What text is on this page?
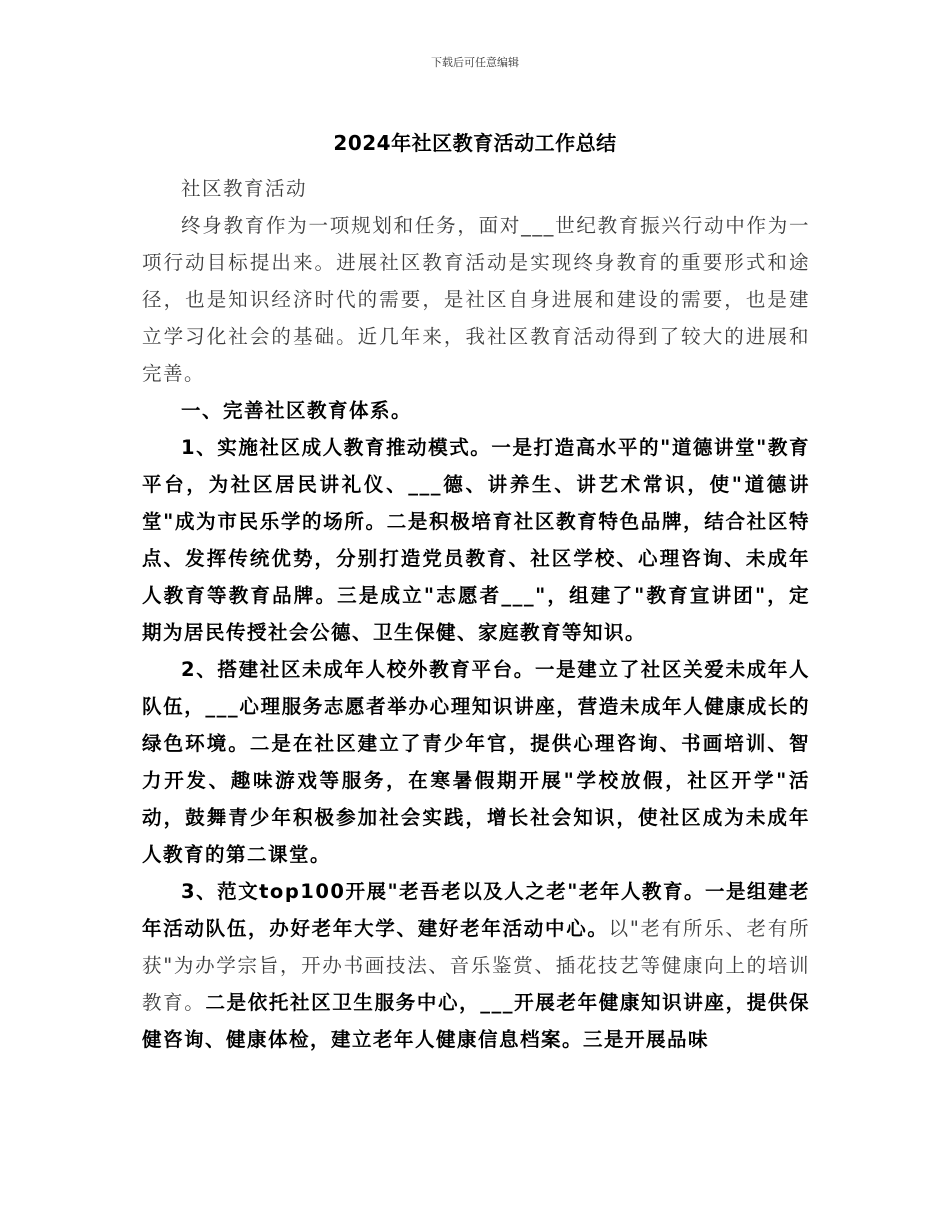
下载后可任意编辑
2024年社区教育活动工作总结

社区教育活动

终身教育作为一项规划和任务，面对___世纪教育振兴行动中作为一项行动目标提出来。进展社区教育活动是实现终身教育的重要形式和途径，也是知识经济时代的需要，是社区自身进展和建设的需要，也是建立学习化社会的基础。近几年来，我社区教育活动得到了较大的进展和完善。

一、完善社区教育体系。

1、实施社区成人教育推动模式。一是打造高水平的"道德讲堂"教育平台，为社区居民讲礼仪、___德、讲养生、讲艺术常识，使"道德讲堂"成为市民乐学的场所。二是积极培育社区教育特色品牌，结合社区特点、发挥传统优势，分别打造党员教育、社区学校、心理咨询、未成年人教育等教育品牌。三是成立"志愿者___"，组建了"教育宣讲团"，定期为居民传授社会公德、卫生保健、家庭教育等知识。

2、搭建社区未成年人校外教育平台。一是建立了社区关爱未成年人队伍，___心理服务志愿者举办心理知识讲座，营造未成年人健康成长的绿色环境。二是在社区建立了青少年官，提供心理咨询、书画培训、智力开发、趣味游戏等服务，在寒暑假期开展"学校放假，社区开学"活动，鼓舞青少年积极参加社会实践，增长社会知识，使社区成为未成年人教育的第二课堂。

3、范文top100开展"老吾老以及人之老"老年人教育。一是组建老年活动队伍，办好老年大学、建好老年活动中心。以"老有所乐、老有所获"为办学宗旨，开办书画技法、音乐鉴赏、插花技艺等健康向上的培训教育。二是依托社区卫生服务中心，___开展老年健康知识讲座，提供保健咨询、健康体检，建立老年人健康信息档案。三是开展品味
